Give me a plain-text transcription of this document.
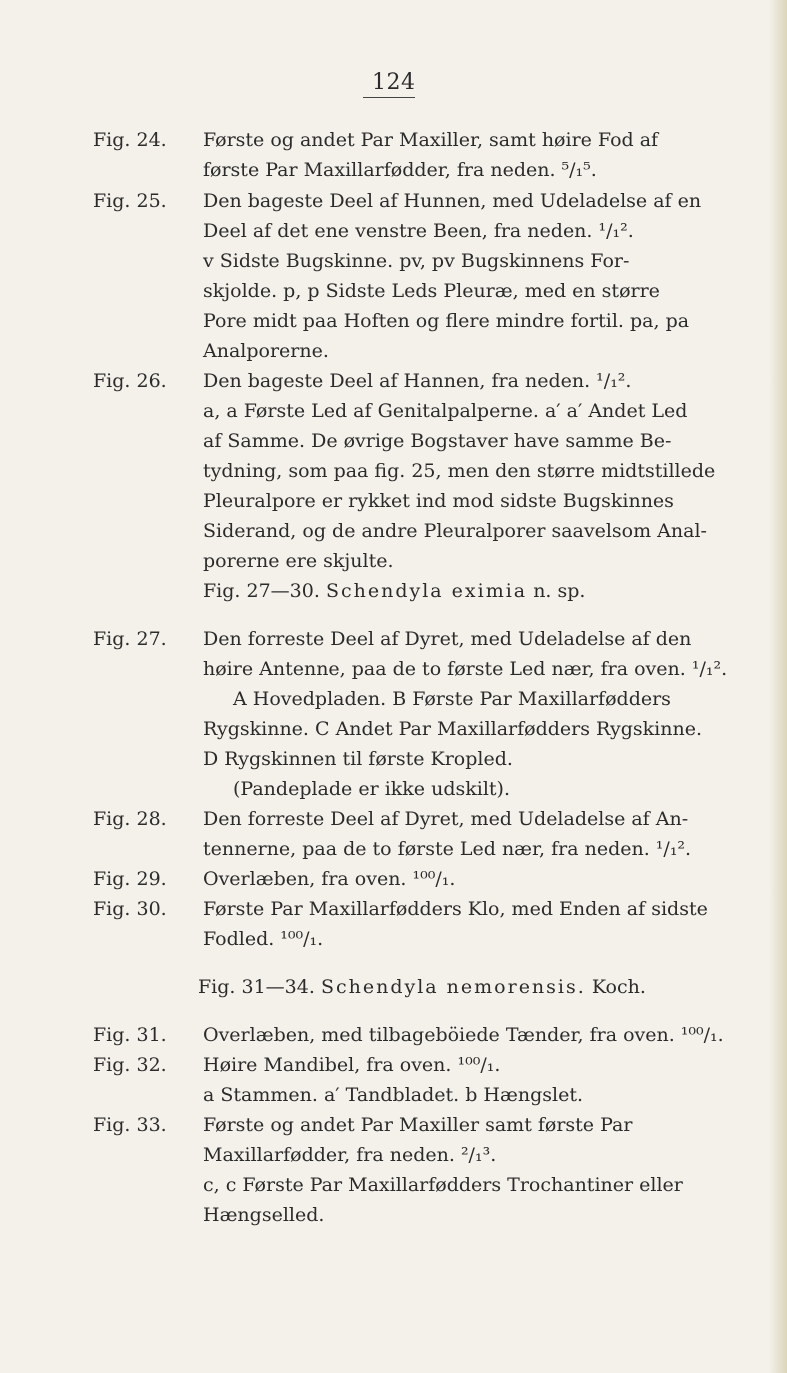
124
Fig. 24. Første og andet Par Maxiller, samt høire Fod af
første Par Maxillarfødder, fra neden. ⁵/₁⁵.
Fig. 25. Den bageste Deel af Hunnen, med Udeladelse af en
Deel af det ene venstre Been, fra neden. ¹/₁².
v Sidste Bugskinne. pv, pv Bugskinnens For-
skjolde. p, p Sidste Leds Pleuræ, med en større
Pore midt paa Hoften og flere mindre fortil. pa, pa
Analporerne.
Fig. 26. Den bageste Deel af Hannen, fra neden. ¹/₁².
a, a Første Led af Genitalpalperne. a′ a′ Andet Led
af Samme. De øvrige Bogstaver have samme Be-
tydning, som paa fig. 25, men den større midtstillede
Pleuralpore er rykket ind mod sidste Bugskinnes
Siderand, og de andre Pleuralporer saavelsom Anal-
porerne ere skjulte.
Fig. 27—30. Schendyla eximia n. sp.
Fig. 27. Den forreste Deel af Dyret, med Udeladelse af den
høire Antenne, paa de to første Led nær, fra oven. ¹/₁².
A Hovedpladen. B Første Par Maxillarfødders
Rygskinne. C Andet Par Maxillarfødders Rygskinne.
D Rygskinnen til første Kropled.
(Pandeplade er ikke udskilt).
Fig. 28. Den forreste Deel af Dyret, med Udeladelse af An-
tennerne, paa de to første Led nær, fra neden. ¹/₁².
Fig. 29. Overlæben, fra oven. ¹⁰⁰/₁.
Fig. 30. Første Par Maxillarfødders Klo, med Enden af sidste
Fodled. ¹⁰⁰/₁.
Fig. 31—34. Schendyla nemorensis. Koch.
Fig. 31. Overlæben, med tilbageböiede Tænder, fra oven. ¹⁰⁰/₁.
Fig. 32. Høire Mandibel, fra oven. ¹⁰⁰/₁.
a Stammen. a′ Tandbladet. b Hængslet.
Fig. 33. Første og andet Par Maxiller samt første Par
Maxillarfødder, fra neden. ²/₁³.
c, c Første Par Maxillarfødders Trochantiner eller
Hængselled.
